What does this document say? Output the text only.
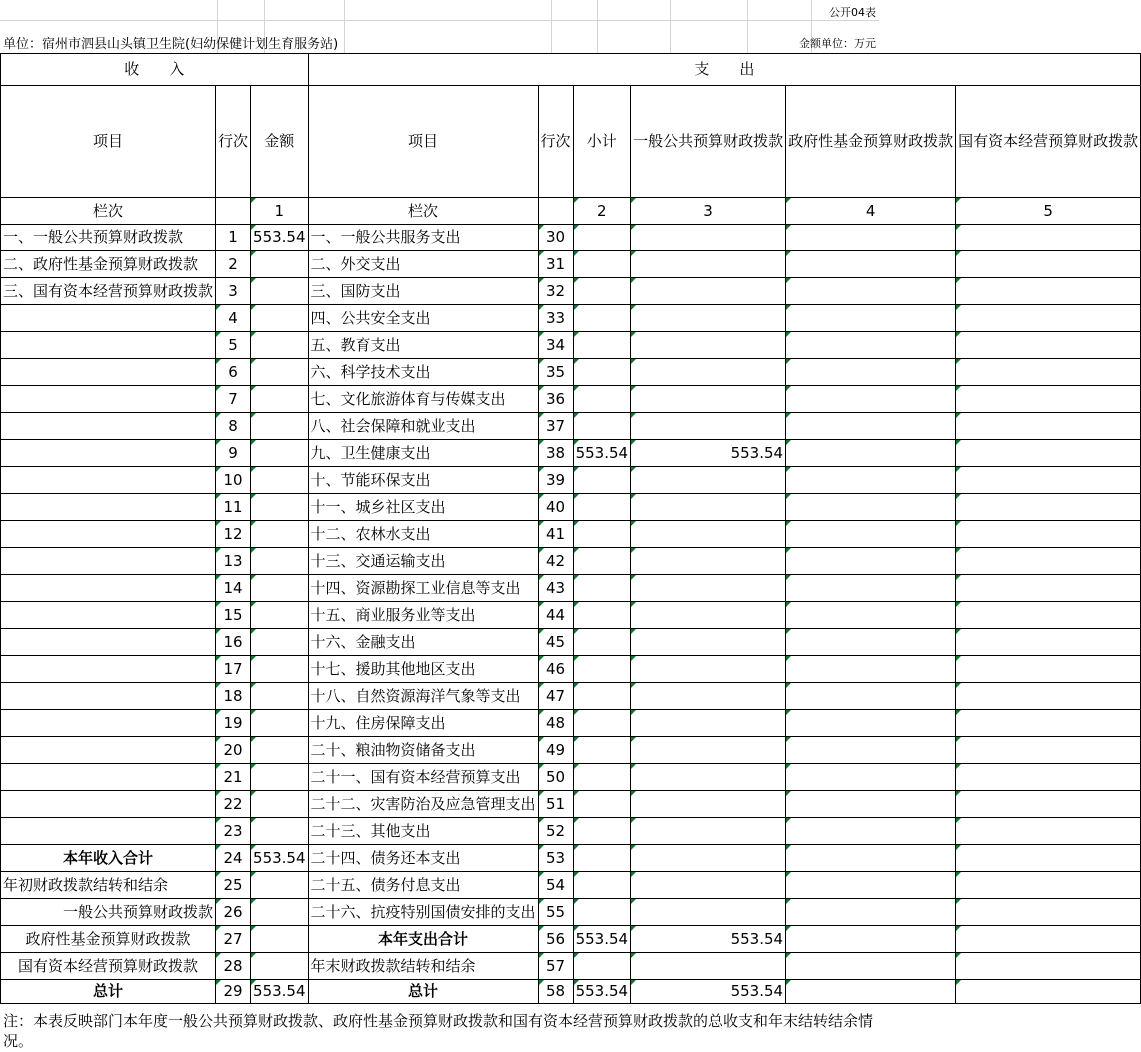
公开04表
单位：宿州市泗县山头镇卫生院(妇幼保健计划生育服务站)	金额单位：万元
收　　入			支　　出					
项目	行次	金额	项目	行次	小计	一般公共预算财政拨款	政府性基金预算财政拨款	国有资本经营预算财政拨款
栏次		1	栏次		2	3	4	5
一、一般公共预算财政拨款	1	553.54	一、一般公共服务支出	30				
二、政府性基金预算财政拨款	2		二、外交支出	31				
三、国有资本经营预算财政拨款	3		三、国防支出	32				
	4		四、公共安全支出	33				
	5		五、教育支出	34				
	6		六、科学技术支出	35				
	7		七、文化旅游体育与传媒支出	36				
	8		八、社会保障和就业支出	37				
	9		九、卫生健康支出	38	553.54	553.54		
	10		十、节能环保支出	39				
	11		十一、城乡社区支出	40				
	12		十二、农林水支出	41				
	13		十三、交通运输支出	42				
	14		十四、资源勘探工业信息等支出	43				
	15		十五、商业服务业等支出	44				
	16		十六、金融支出	45				
	17		十七、援助其他地区支出	46				
	18		十八、自然资源海洋气象等支出	47				
	19		十九、住房保障支出	48				
	20		二十、粮油物资储备支出	49				
	21		二十一、国有资本经营预算支出	50				
	22		二十二、灾害防治及应急管理支出	51				
	23		二十三、其他支出	52				
本年收入合计	24	553.54	二十四、债务还本支出	53				
年初财政拨款结转和结余	25		二十五、债务付息支出	54				
一般公共预算财政拨款	26		二十六、抗疫特别国债安排的支出	55				
政府性基金预算财政拨款	27		本年支出合计	56	553.54	553.54		
国有资本经营预算财政拨款	28		年末财政拨款结转和结余	57				
总计	29	553.54	总计	58	553.54	553.54		
注：本表反映部门本年度一般公共预算财政拨款、政府性基金预算财政拨款和国有资本经营预算财政拨款的总收支和年末结转结余情况。
